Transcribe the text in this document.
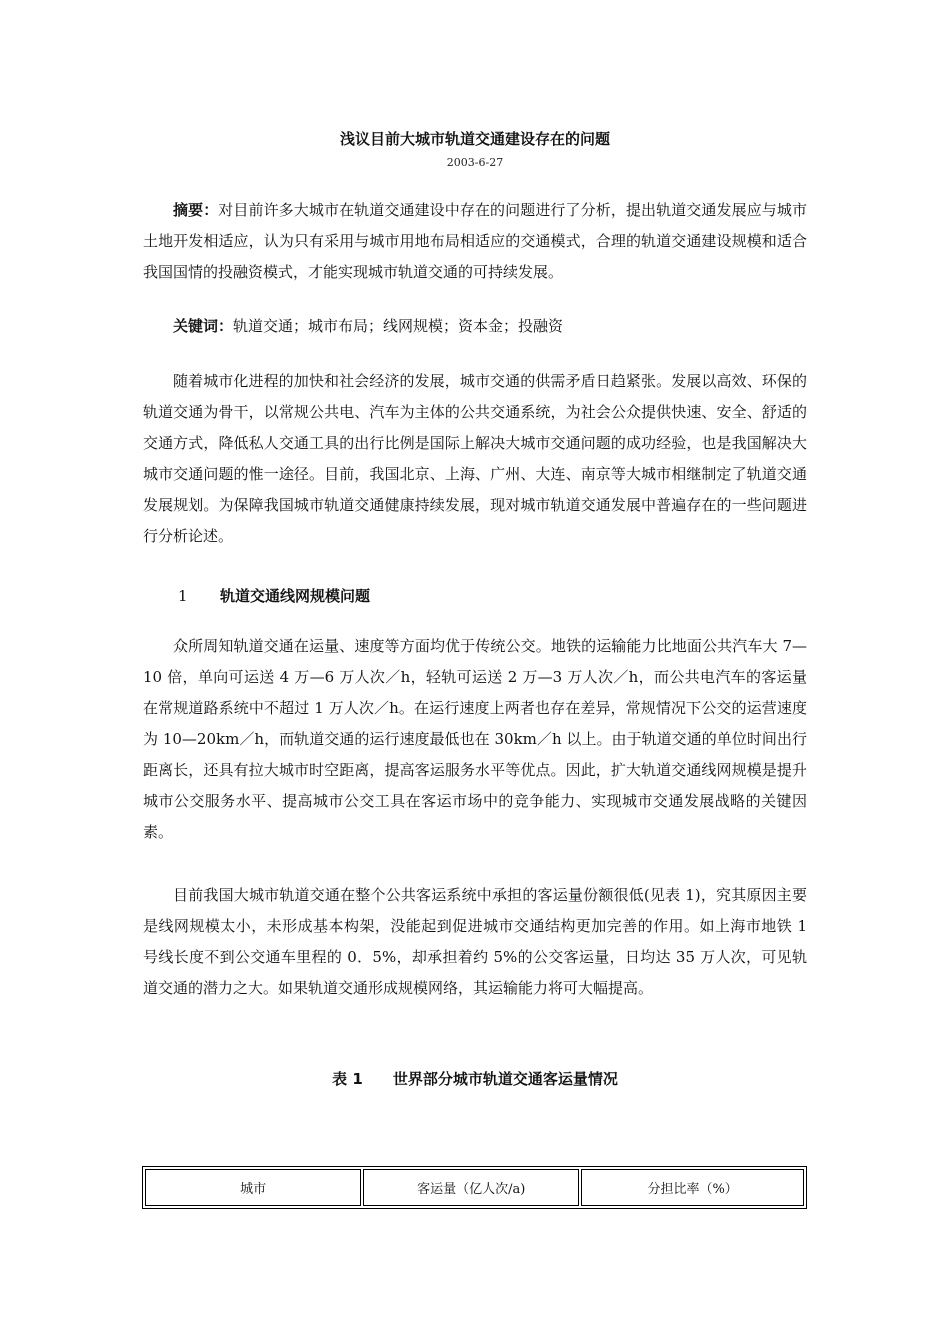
浅议目前大城市轨道交通建设存在的问题
2003-6-27

摘要：对目前许多大城市在轨道交通建设中存在的问题进行了分析，提出轨道交通发展应与城市土地开发相适应，认为只有采用与城市用地布局相适应的交通模式，合理的轨道交通建设规模和适合我国国情的投融资模式，才能实现城市轨道交通的可持续发展。

关键词：轨道交通；城市布局；线网规模；资本金；投融资

随着城市化进程的加快和社会经济的发展，城市交通的供需矛盾日趋紧张。发展以高效、环保的轨道交通为骨干，以常规公共电、汽车为主体的公共交通系统，为社会公众提供快速、安全、舒适的交通方式，降低私人交通工具的出行比例是国际上解决大城市交通问题的成功经验，也是我国解决大城市交通问题的惟一途径。目前，我国北京、上海、广州、大连、南京等大城市相继制定了轨道交通发展规划。为保障我国城市轨道交通健康持续发展，现对城市轨道交通发展中普遍存在的一些问题进行分析论述。

1 轨道交通线网规模问题

众所周知轨道交通在运量、速度等方面均优于传统公交。地铁的运输能力比地面公共汽车大 7—10 倍，单向可运送 4 万—6 万人次／h，轻轨可运送 2 万—3 万人次／h，而公共电汽车的客运量在常规道路系统中不超过 1 万人次／h。在运行速度上两者也存在差异，常规情况下公交的运营速度为 10—20km／h，而轨道交通的运行速度最低也在 30km／h 以上。由于轨道交通的单位时间出行距离长，还具有拉大城市时空距离，提高客运服务水平等优点。因此，扩大轨道交通线网规模是提升城市公交服务水平、提高城市公交工具在客运市场中的竞争能力、实现城市交通发展战略的关键因素。

目前我国大城市轨道交通在整个公共客运系统中承担的客运量份额很低(见表 1)，究其原因主要是线网规模太小，未形成基本构架，没能起到促进城市交通结构更加完善的作用。如上海市地铁 1 号线长度不到公交通车里程的 0．5%，却承担着约 5%的公交客运量，日均达 35 万人次，可见轨道交通的潜力之大。如果轨道交通形成规模网络，其运输能力将可大幅提高。

表 1 世界部分城市轨道交通客运量情况
城市	客运量（亿人次/a)	分担比率（%）
